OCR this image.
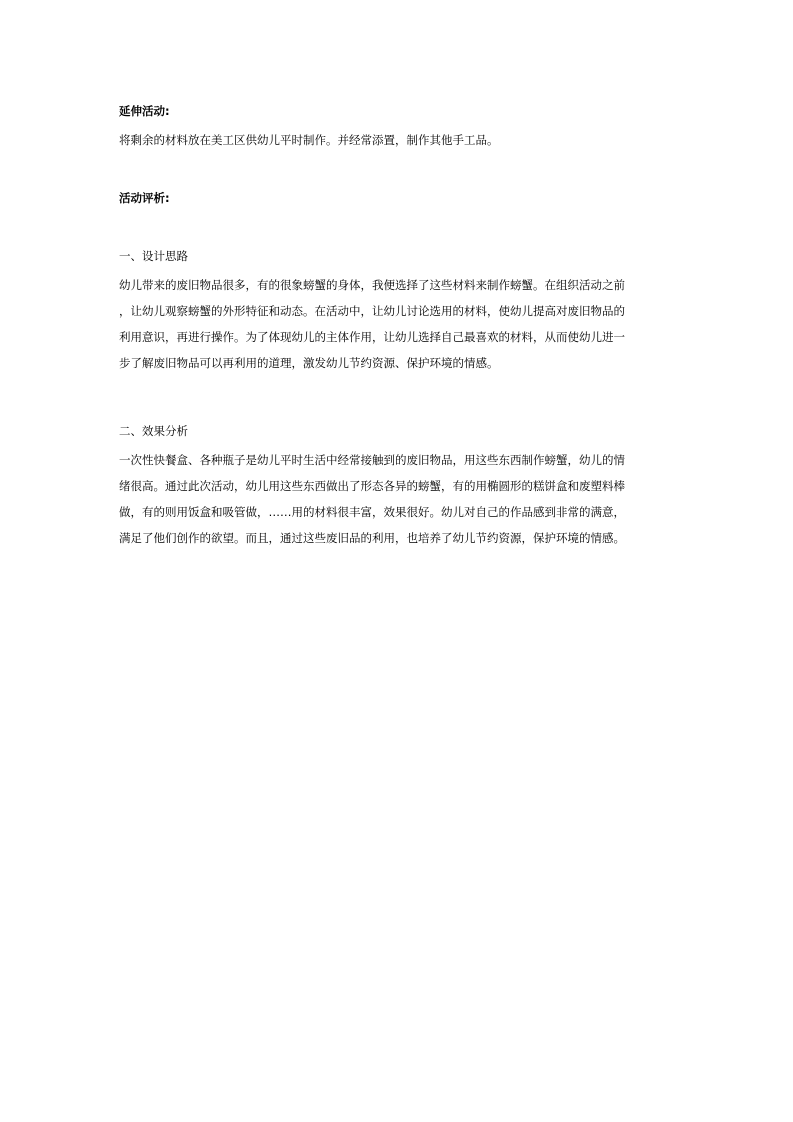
延伸活动:
将剩余的材料放在美工区供幼儿平时制作。并经常添置，制作其他手工品。
活动评析:
一、设计思路
幼儿带来的废旧物品很多，有的很象螃蟹的身体，我便选择了这些材料来制作螃蟹。在组织活动之前
，让幼儿观察螃蟹的外形特征和动态。在活动中，让幼儿讨论选用的材料，使幼儿提高对废旧物品的
利用意识，再进行操作。为了体现幼儿的主体作用，让幼儿选择自己最喜欢的材料，从而使幼儿进一
步了解废旧物品可以再利用的道理，激发幼儿节约资源、保护环境的情感。
二、效果分析
一次性快餐盒、各种瓶子是幼儿平时生活中经常接触到的废旧物品，用这些东西制作螃蟹，幼儿的情
绪很高。通过此次活动，幼儿用这些东西做出了形态各异的螃蟹，有的用椭圆形的糕饼盒和废塑料棒
做，有的则用饭盒和吸管做，……用的材料很丰富，效果很好。幼儿对自己的作品感到非常的满意，
满足了他们创作的欲望。而且，通过这些废旧品的利用，也培养了幼儿节约资源，保护环境的情感。
